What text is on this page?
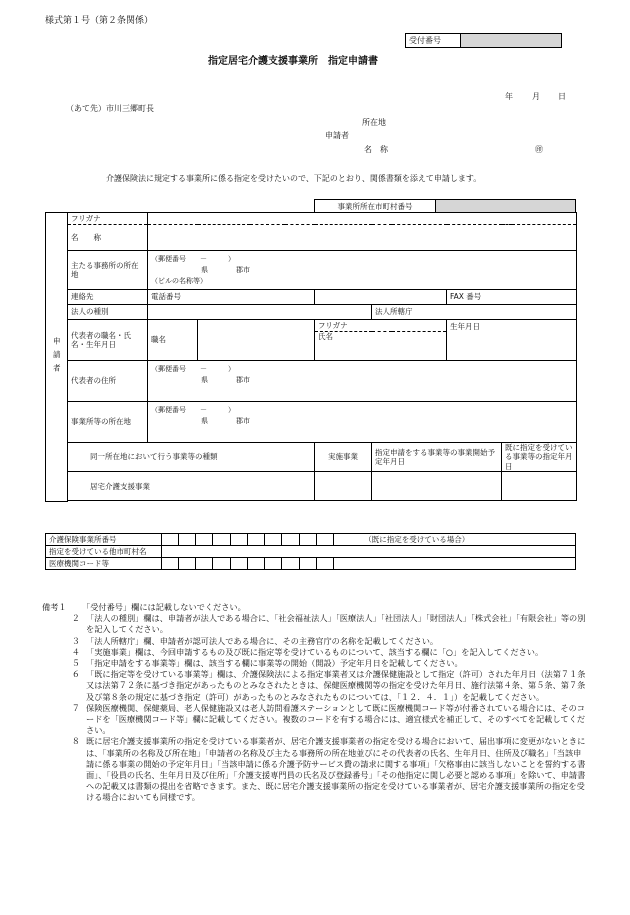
様式第１号（第２条関係）
受付番号	
指定居宅介護支援事業所　指定申請書
年 月 日
（あて先）市川三郷町長
所在地
申請者
名　称	㊞
介護保険法に規定する事業所に係る指定を受けたいので、下記のとおり、関係書類を添えて申請します。
事業所所在市町村番号	
申請者	フリガナ							
	名　　称							
	主たる事務所の所在地	（郵便番号　　－　　　）
県 郡市
（ビルの名称等）						
	連絡先	電話番号				FAX 番号		
	法人の種別				法人所轄庁			
	代表者の職名・氏名・生年月日	職名		フリガナ		生年月日		
				氏名				
	代表者の住所	（郵便番号　　－　　　）
県 郡市						
	事業所等の所在地	（郵便番号　　－　　　）
県 郡市						
	同一所在地において行う事業等の種類			実施事業	指定申請をする事業等の事業開始予定年月日		既に指定を受けている事業等の指定年月日	
	居宅介護支援事業				

介護保険事業所番号											（既に指定を受けている場合）
指定を受けている他市町村名											
医療機関コード等											
備考１	「受付番号」欄には記載しないでください。
２ 「法人の種別」欄は、申請者が法人である場合に、「社会福祉法人」「医療法人」「社団法人」「財団法人」「株式会社」「有限会社」等の別を記入してください。
３ 「法人所轄庁」欄、申請者が認可法人である場合に、その主務官庁の名称を記載してください。
４ 「実施事業」欄は、今回申請するもの及び既に指定等を受けているものについて、該当する欄に「○」を記入してください。
５ 「指定申請をする事業等」欄は、該当する欄に事業等の開始（開設）予定年月日を記載してください。
６ 「既に指定等を受けている事業等」欄は、介護保険法による指定事業者又は介護保健施設として指定（許可）された年月日（法第７１条又は法第７２条に基づき指定があったものとみなされたときは、保健医療機関等の指定を受けた年月日、施行法第４条、第５条、第７条及び第８条の規定に基づき指定（許可）があったものとみなされたものについては、「１２．４．１」）を記載してください。
７ 保険医療機関、保健薬局、老人保健施設又は老人訪問看護ステーションとして既に医療機関コード等が付番されている場合には、そのコードを「医療機関コード等」欄に記載してください。複数のコードを有する場合には、適宜様式を補正して、そのすべてを記載してください。
８ 既に居宅介護支援事業所の指定を受けている事業者が、居宅介護支援事業者の指定を受ける場合において、届出事項に変更がないときには、「事業所の名称及び所在地」「申請者の名称及び主たる事務所の所在地並びにその代表者の氏名、生年月日、住所及び職名」「当該申請に係る事業の開始の予定年月日」「当該申請に係る介護予防サービス費の請求に関する事項」「欠格事由に該当しないことを誓約する書面」、「役員の氏名、生年月日及び住所」「介護支援専門員の氏名及び登録番号」「その他指定に関し必要と認める事項」を除いて、申請書への記載又は書類の提出を省略できます。また、既に居宅介護支援事業所の指定を受けている事業者が、居宅介護支援事業所の指定を受ける場合においても同様です。
